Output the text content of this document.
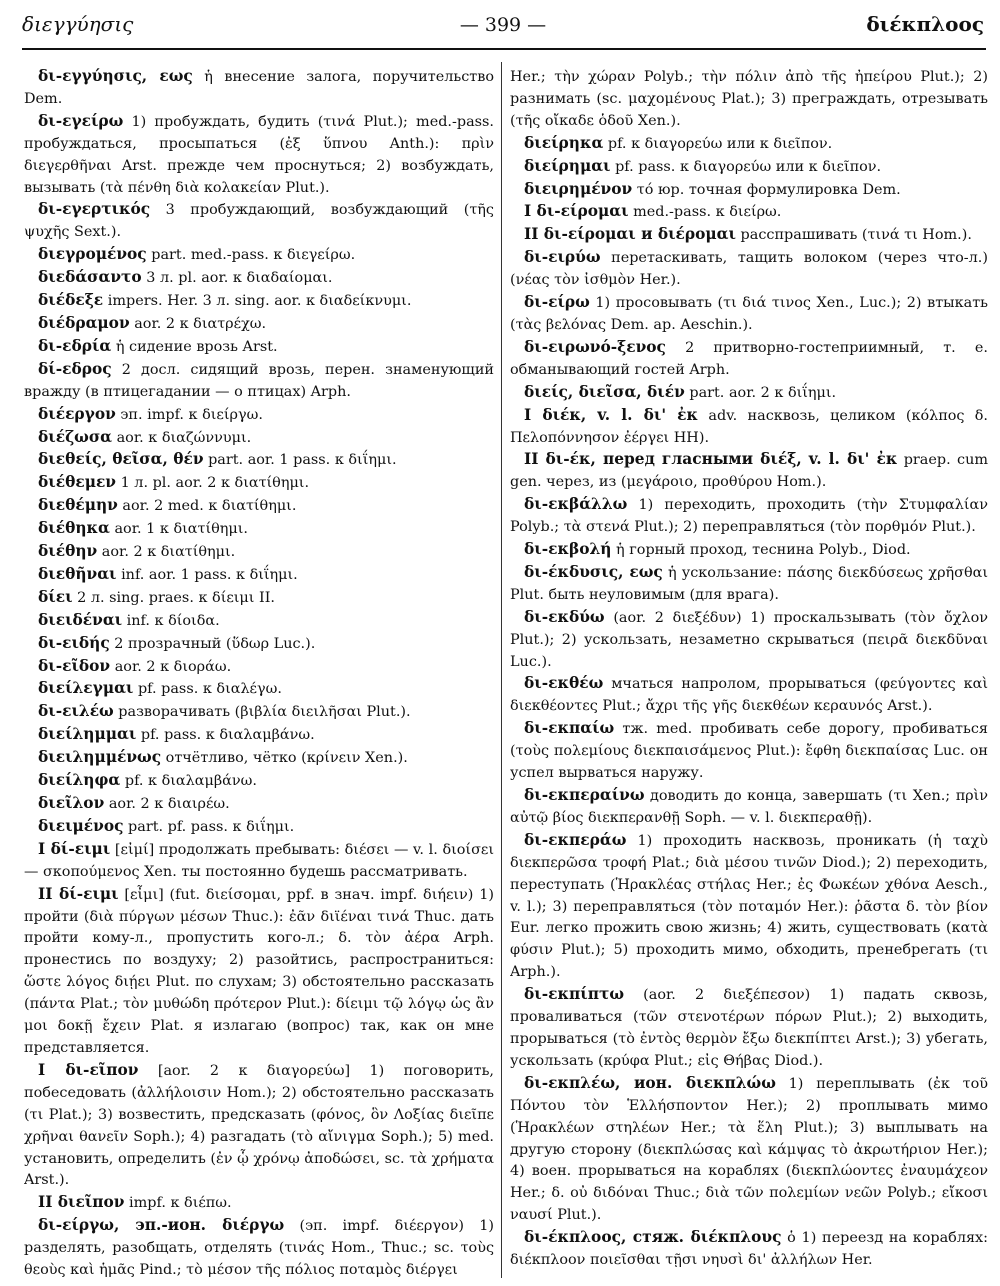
διεγγύησις	— 399 —	διέκπλοος

δι-εγγύησις, εως ἡ внесение залога, поручительство Dem.

δι-εγείρω 1) пробуждать, будить (τινά Plut.); med.-pass. пробуждаться, просыпаться (ἐξ ὕπνου Anth.): πρὶν διεγερθῆναι Arst. прежде чем проснуться; 2) возбуждать, вызывать (τὰ πένθη διὰ κολακείαν Plut.).

δι-εγερτικός 3 пробуждающий, возбуждающий (τῆς ψυχῆς Sext.).

διεγρομένος part. med.-pass. к διεγείρω.

διεδάσαντο 3 л. pl. aor. к διαδαίομαι.

διέδεξε impers. Her. 3 л. sing. aor. к διαδείκνυμι.

διέδραμον aor. 2 к διατρέχω.

δι-εδρία ἡ сидение врозь Arst.

δί-εδρος 2 досл. сидящий врозь, перен. знаменующий вражду (в птицегадании — о птицах) Arph.

διέεργον эп. impf. к διείργω.

διέζωσα aor. к διαζώννυμι.

διεθείς, θεῖσα, θέν part. aor. 1 pass. к διΐημι.

διέθεμεν 1 л. pl. aor. 2 к διατίθημι.

διεθέμην aor. 2 med. к διατίθημι.

διέθηκα aor. 1 к διατίθημι.

διέθην aor. 2 к διατίθημι.

διεθῆναι inf. aor. 1 pass. к διΐημι.

δίει 2 л. sing. praes. к δίειμι II.

διειδέναι inf. к δίοιδα.

δι-ειδής 2 прозрачный (ὕδωρ Luc.).

δι-εῖδον aor. 2 к διοράω.

διείλεγμαι pf. pass. к διαλέγω.

δι-ειλέω разворачивать (βιβλία διειλῆσαι Plut.).

διείλημμαι pf. pass. к διαλαμβάνω.

διειλημμένως отчётливо, чётко (κρίνειν Xen.).

διείληφα pf. к διαλαμβάνω.

διεῖλον aor. 2 к διαιρέω.

διειμένος part. pf. pass. к διΐημι.

I δί-ειμι [εἰμί] продолжать пребывать: διέσει — v. l. διοίσει — σκοπούμενος Xen. ты постоянно будешь рассматривать.

II δί-ειμι [εἶμι] (fut. διείσομαι, ppf. в знач. impf. διήειν) 1) пройти (διὰ πύργων μέσων Thuc.): ἐᾶν διϊέναι τινά Thuc. дать пройти кому-л., пропустить кого-л.; δ. τὸν ἀέρα Arph. пронестись по воздуху; 2) разойтись, распространиться: ὥστε λόγος διῄει Plut. по слухам; 3) обстоятельно рассказать (πάντα Plat.; τὸν μυθώδη πρότερον Plut.): δίειμι τῷ λόγῳ ὡς ἂν μοι δοκῇ ἔχειν Plat. я излагаю (вопрос) так, как он мне представляется.

I δι-εῖπον [aor. 2 к διαγορεύω] 1) поговорить, побеседовать (ἀλλήλοισιν Hom.); 2) обстоятельно рассказать (τι Plat.); 3) возвестить, предсказать (φόνος, ὃν Λοξίας διεῖπε χρῆναι θανεῖν Soph.); 4) разгадать (τὸ αἴνιγμα Soph.); 5) med. установить, определить (ἐν ᾧ χρόνῳ ἀποδώσει, sc. τὰ χρήματα Arst.).

II διεῖπον impf. к διέπω.

δι-είργω, эп.-ион. διέργω (эп. impf. διέεργον) 1) разделять, разобщать, отделять (τινάς Hom., Thuc.; sc. τοὺς θεοὺς καὶ ἡμᾶς Pind.; τὸ μέσον τῆς πόλιος ποταμὸς διέργει

Her.; τὴν χώραν Polyb.; τὴν πόλιν ἀπὸ τῆς ἠπείρου Plut.); 2) разнимать (sc. μαχομένους Plat.); 3) преграждать, отрезывать (τῆς οἴκαδε ὁδοῦ Xen.).

διείρηκα pf. к διαγορεύω или к διεῖπον.

διείρημαι pf. pass. к διαγορεύω или к διεῖπον.

διειρημένον τό юр. точная формулировка Dem.

I δι-είρομαι med.-pass. к διείρω.

II δι-είρομαι и διέρομαι расспрашивать (τινά τι Hom.).

δι-ειρύω перетаскивать, тащить волоком (через что-л.) (νέας τὸν ἰσθμὸν Her.).

δι-είρω 1) просовывать (τι διά τινος Xen., Luc.); 2) втыкать (τὰς βελόνας Dem. ap. Aeschin.).

δι-ειρωνό-ξενος 2 притворно-гостеприимный, т. е. обманывающий гостей Arph.

διείς, διεῖσα, διέν part. aor. 2 к διΐημι.

I διέκ, v. l. δι' ἐκ adv. насквозь, целиком (κόλπος δ. Πελοπόννησον ἐέργει HH).

II δι-έκ, перед гласными διέξ, v. l. δι' ἐκ praep. cum gen. через, из (μεγάροιο, προθύρου Hom.).

δι-εκβάλλω 1) переходить, проходить (τὴν Στυμφαλίαν Polyb.; τὰ στενά Plut.); 2) переправляться (τὸν πορθμόν Plut.).

δι-εκβολή ἡ горный проход, теснина Polyb., Diod.

δι-έκδυσις, εως ἡ ускользание: πάσης διεκδύσεως χρῆσθαι Plut. быть неуловимым (для врага).

δι-εκδύω (aor. 2 διεξέδυν) 1) проскальзывать (τὸν ὄχλον Plut.); 2) ускользать, незаметно скрываться (πειρᾶ διεκδῦναι Luc.).

δι-εκθέω мчаться напролом, прорываться (φεύγοντες καὶ διεκθέοντες Plut.; ἄχρι τῆς γῆς διεκθέων κεραυνός Arst.).

δι-εκπαίω тж. med. пробивать себе дорогу, пробиваться (τοὺς πολεμίους διεκπαισάμενος Plut.): ἔφθη διεκπαίσας Luc. он успел вырваться наружу.

δι-εκπεραίνω доводить до конца, завершать (τι Xen.; πρὶν αὐτῷ βίος διεκπερανθῇ Soph. — v. l. διεκπεραθῇ).

δι-εκπεράω 1) проходить насквозь, проникать (ἡ ταχὺ διεκπερῶσα τροφή Plat.; διὰ μέσου τινῶν Diod.); 2) переходить, переступать (Ἡρακλέας στήλας Her.; ἐς Φωκέων χθόνα Aesch., v. l.); 3) переправляться (τὸν ποταμόν Her.): ῥᾶστα δ. τὸν βίον Eur. легко прожить свою жизнь; 4) жить, существовать (κατὰ φύσιν Plut.); 5) проходить мимо, обходить, пренебрегать (τι Arph.).

δι-εκπίπτω (aor. 2 διεξέπεσον) 1) падать сквозь, проваливаться (τῶν στενοτέρων πόρων Plut.); 2) выходить, прорываться (τὸ ἐντὸς θερμὸν ἔξω διεκπίπτει Arst.); 3) убегать, ускользать (κρύφα Plut.; εἰς Θήβας Diod.).

δι-εκπλέω, ион. διεκπλώω 1) переплывать (ἐκ τοῦ Πόντου τὸν Ἑλλήσποντον Her.); 2) проплывать мимо (Ἡρακλέων στηλέων Her.; τὰ ἕλη Plut.); 3) выплывать на другую сторону (διεκπλώσας καὶ κάμψας τὸ ἀκρωτήριον Her.); 4) воен. прорываться на кораблях (διεκπλώοντες ἐναυμάχεον Her.; δ. οὐ διδόναι Thuc.; διὰ τῶν πολεμίων νεῶν Polyb.; εἴκοσι ναυσί Plut.).

δι-έκπλοος, стяж. διέκπλους ὁ 1) переезд на кораблях: διέκπλοον ποιεῖσθαι τῇσι νηυσὶ δι' ἀλλήλων Her.
